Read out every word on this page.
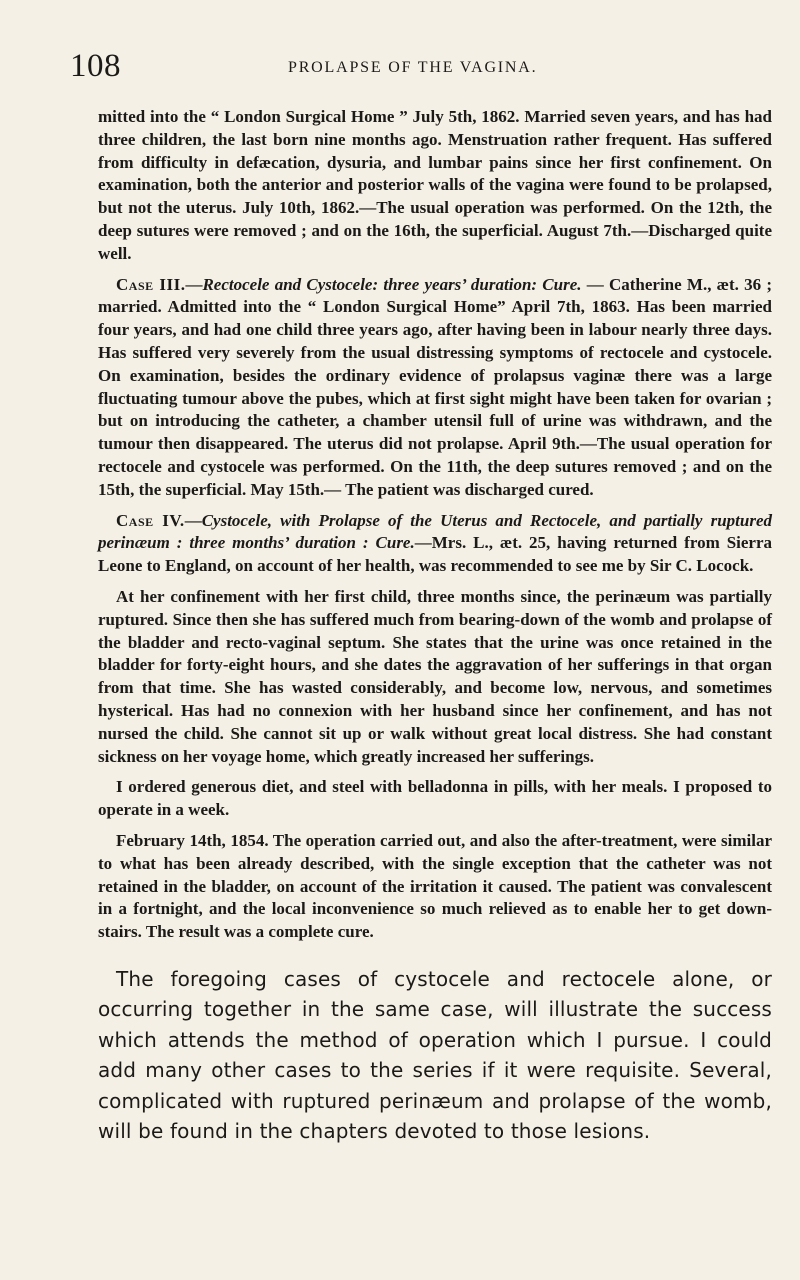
108	PROLAPSE OF THE VAGINA.

mitted into the “ London Surgical Home ” July 5th, 1862. Married seven years, and has had three children, the last born nine months ago. Menstruation rather frequent. Has suffered from difficulty in defæcation, dysuria, and lumbar pains since her first confinement. On examination, both the anterior and posterior walls of the vagina were found to be prolapsed, but not the uterus. July 10th, 1862.—The usual operation was performed. On the 12th, the deep sutures were removed ; and on the 16th, the superficial. August 7th.—Discharged quite well.

Case III.—Rectocele and Cystocele: three years’ duration: Cure. — Catherine M., æt. 36 ; married. Admitted into the “ London Surgical Home” April 7th, 1863. Has been married four years, and had one child three years ago, after having been in labour nearly three days. Has suffered very severely from the usual distressing symptoms of rectocele and cystocele. On examination, besides the ordinary evidence of prolapsus vaginæ there was a large fluctuating tumour above the pubes, which at first sight might have been taken for ovarian ; but on introducing the catheter, a chamber utensil full of urine was withdrawn, and the tumour then disappeared. The uterus did not prolapse. April 9th.—The usual operation for rectocele and cystocele was performed. On the 11th, the deep sutures removed ; and on the 15th, the superficial. May 15th.— The patient was discharged cured.

Case IV.—Cystocele, with Prolapse of the Uterus and Rectocele, and partially ruptured perinæum : three months’ duration : Cure.—Mrs. L., æt. 25, having returned from Sierra Leone to England, on account of her health, was recommended to see me by Sir C. Locock.

At her confinement with her first child, three months since, the perinæum was partially ruptured. Since then she has suffered much from bearing-down of the womb and prolapse of the bladder and recto-vaginal septum. She states that the urine was once retained in the bladder for forty-eight hours, and she dates the aggravation of her sufferings in that organ from that time. She has wasted considerably, and become low, nervous, and sometimes hysterical. Has had no connexion with her husband since her confinement, and has not nursed the child. She cannot sit up or walk without great local distress. She had constant sickness on her voyage home, which greatly increased her sufferings.

I ordered generous diet, and steel with belladonna in pills, with her meals. I proposed to operate in a week.

February 14th, 1854. The operation carried out, and also the after-treatment, were similar to what has been already described, with the single exception that the catheter was not retained in the bladder, on account of the irritation it caused. The patient was convalescent in a fortnight, and the local inconvenience so much relieved as to enable her to get down-stairs. The result was a complete cure.

The foregoing cases of cystocele and rectocele alone, or occurring together in the same case, will illustrate the success which attends the method of operation which I pursue. I could add many other cases to the series if it were requisite. Several, complicated with ruptured perinæum and prolapse of the womb, will be found in the chapters devoted to those lesions.
